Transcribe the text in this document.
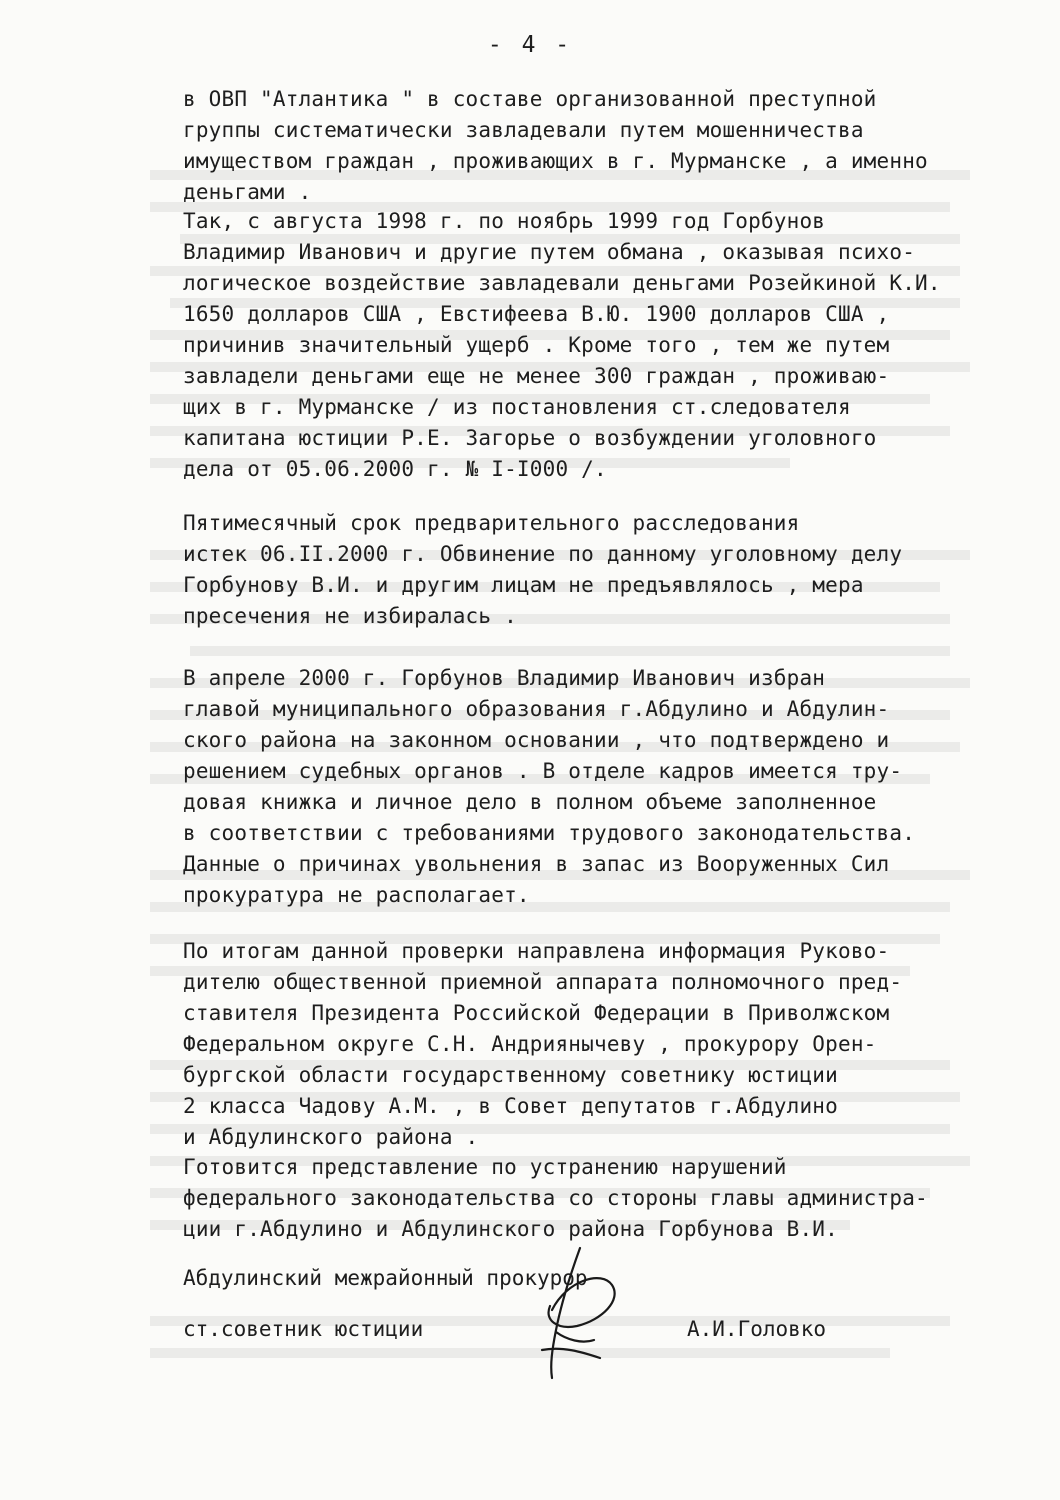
- 4 -
в ОВП "Атлантика " в составе организованной преступной
группы систематически завладевали путем мошенничества
имуществом граждан , проживающих в г. Мурманске , а именно
деньгами .
Так, с августа 1998 г. по ноябрь 1999 год Горбунов
Владимир Иванович и другие путем обмана , оказывая психо-
логическое воздействие завладевали деньгами Розейкиной К.И.
1650 долларов США , Евстифеева В.Ю. 1900 долларов США ,
причинив значительный ущерб . Кроме того , тем же путем
завладели деньгами еще не менее 300 граждан , проживаю-
щих в г. Мурманске / из постановления ст.следователя
капитана юстиции Р.Е. Загорье о возбуждении уголовного
дела от 05.06.2000 г. № I-I000 /.
Пятимесячный срок предварительного расследования
истек 06.II.2000 г. Обвинение по данному уголовному делу
Горбунову В.И. и другим лицам не предъявлялось , мера
пресечения не избиралась .
В апреле 2000 г. Горбунов Владимир Иванович избран
главой муниципального образования г.Абдулино и Абдулин-
ского района на законном основании , что подтверждено и
решением судебных органов . В отделе кадров имеется тру-
довая книжка и личное дело в полном объеме заполненное
в соответствии с требованиями трудового законодательства.
Данные о причинах увольнения в запас из Вооруженных Сил
прокуратура не располагает.
По итогам данной проверки направлена информация Руково-
дителю общественной приемной аппарата полномочного пред-
ставителя Президента Российской Федерации в Приволжском
Федеральном округе С.Н. Андриянычеву , прокурору Орен-
бургской области государственному советнику юстиции
2 класса Чадову А.М. , в Совет депутатов г.Абдулино
и Абдулинского района .
Готовится представление по устранению нарушений
федерального законодательства со стороны главы администра-
ции г.Абдулино и Абдулинского района Горбунова В.И.
Абдулинский межрайонный прокурор
ст.советник юстиции	А.И.Головко
